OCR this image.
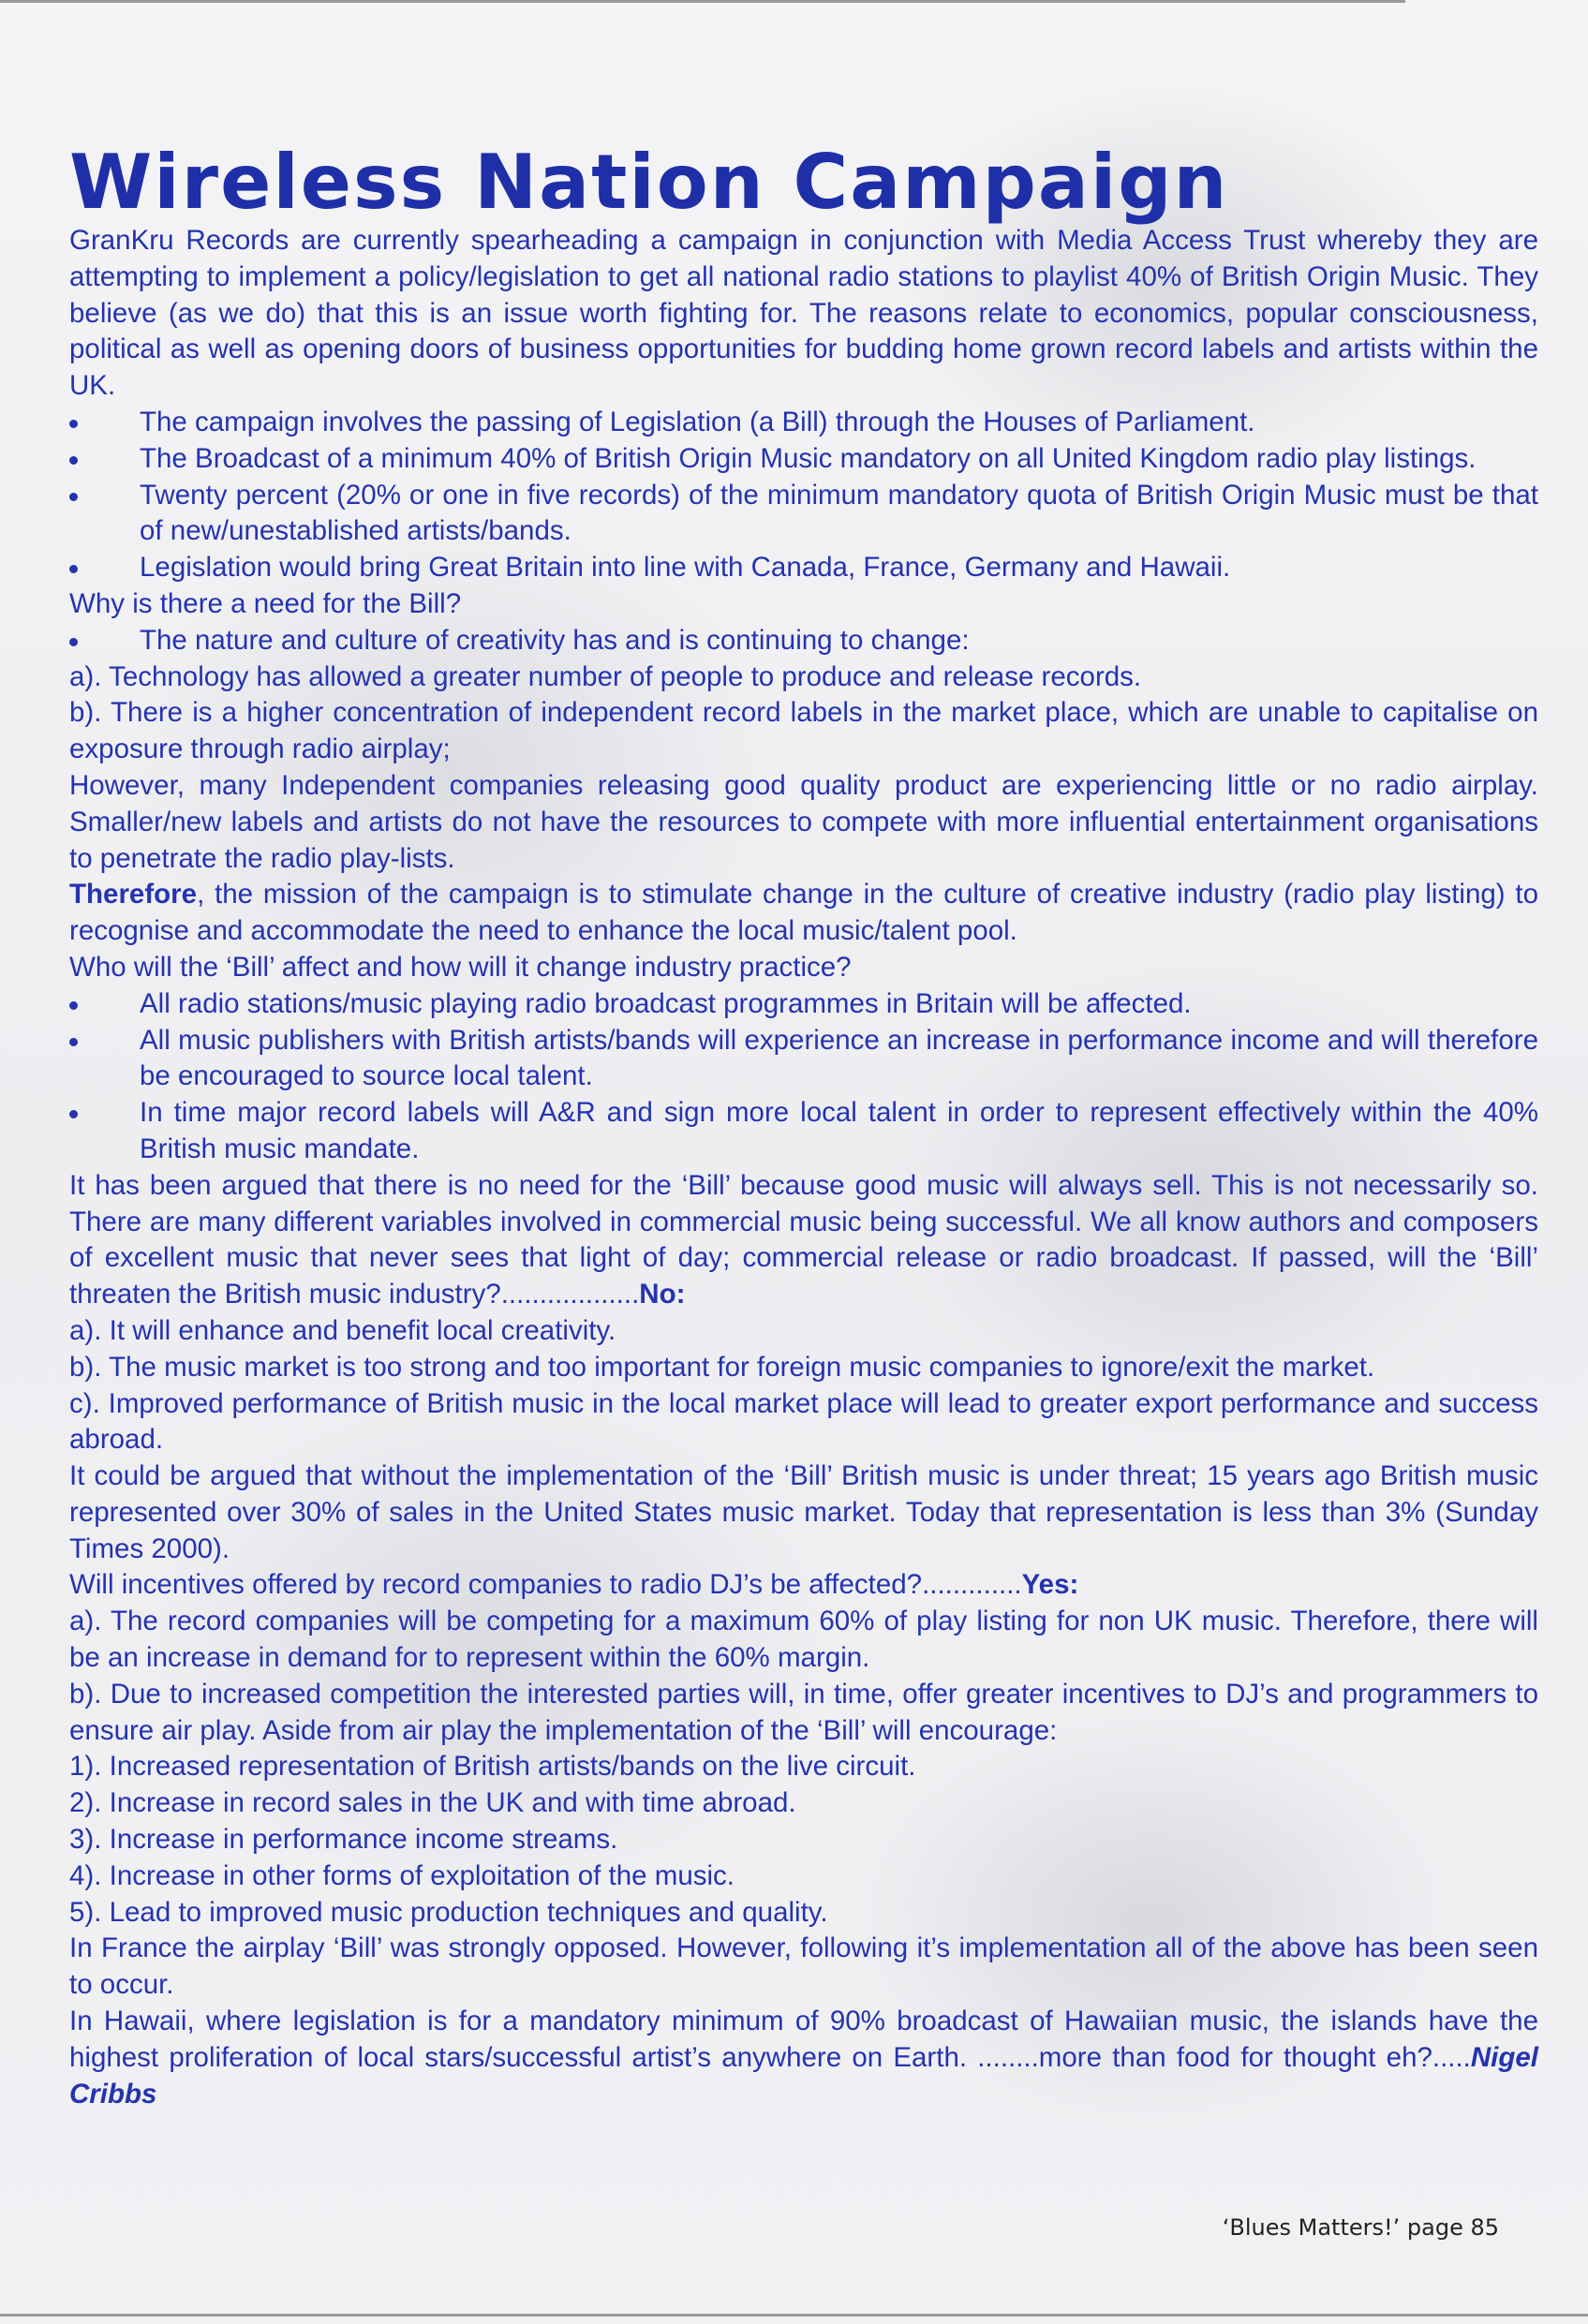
Wireless Nation Campaign

GranKru Records are currently spearheading a campaign in conjunction with Media Access Trust whereby they are attempting to implement a policy/legislation to get all national radio stations to playlist 40% of British Origin Music. They believe (as we do) that this is an issue worth fighting for. The reasons relate to economics, popular consciousness, political as well as opening doors of business opportunities for budding home grown record labels and artists within the UK.

The campaign involves the passing of Legislation (a Bill) through the Houses of Parliament.

The Broadcast of a minimum 40% of British Origin Music mandatory on all United Kingdom radio play listings.

Twenty percent (20% or one in five records) of the minimum mandatory quota of British Origin Music must be that of new/unestablished artists/bands.

Legislation would bring Great Britain into line with Canada, France, Germany and Hawaii.

Why is there a need for the Bill?

The nature and culture of creativity has and is continuing to change:

a). Technology has allowed a greater number of people to produce and release records.

b). There is a higher concentration of independent record labels in the market place, which are unable to capitalise on exposure through radio airplay;

However, many Independent companies releasing good quality product are experiencing little or no radio airplay. Smaller/new labels and artists do not have the resources to compete with more influential entertainment organisations to penetrate the radio play-lists.

Therefore, the mission of the campaign is to stimulate change in the culture of creative industry (radio play listing) to recognise and accommodate the need to enhance the local music/talent pool.

Who will the ‘Bill’ affect and how will it change industry practice?

All radio stations/music playing radio broadcast programmes in Britain will be affected.

All music publishers with British artists/bands will experience an increase in performance income and will therefore be encouraged to source local talent.

In time major record labels will A&R and sign more local talent in order to represent effectively within the 40% British music mandate.

It has been argued that there is no need for the ‘Bill’ because good music will always sell. This is not necessarily so. There are many different variables involved in commercial music being successful. We all know authors and composers of excellent music that never sees that light of day; commercial release or radio broadcast. If passed, will the ‘Bill’ threaten the British music industry?..................No:

a). It will enhance and benefit local creativity.

b). The music market is too strong and too important for foreign music companies to ignore/exit the market.

c). Improved performance of British music in the local market place will lead to greater export performance and success abroad.

It could be argued that without the implementation of the ‘Bill’ British music is under threat; 15 years ago British music represented over 30% of sales in the United States music market. Today that representation is less than 3% (Sunday Times 2000).

Will incentives offered by record companies to radio DJ’s be affected?.............Yes:

a). The record companies will be competing for a maximum 60% of play listing for non UK music. Therefore, there will be an increase in demand for to represent within the 60% margin.

b). Due to increased competition the interested parties will, in time, offer greater incentives to DJ’s and programmers to ensure air play. Aside from air play the implementation of the ‘Bill’ will encourage:

1). Increased representation of British artists/bands on the live circuit.

2). Increase in record sales in the UK and with time abroad.

3). Increase in performance income streams.

4). Increase in other forms of exploitation of the music.

5). Lead to improved music production techniques and quality.

In France the airplay ‘Bill’ was strongly opposed. However, following it’s implementation all of the above has been seen to occur.

In Hawaii, where legislation is for a mandatory minimum of 90% broadcast of Hawaiian music, the islands have the highest proliferation of local stars/successful artist’s anywhere on Earth. ........more than food for thought eh?.....Nigel Cribbs

‘Blues Matters!’ page 85
